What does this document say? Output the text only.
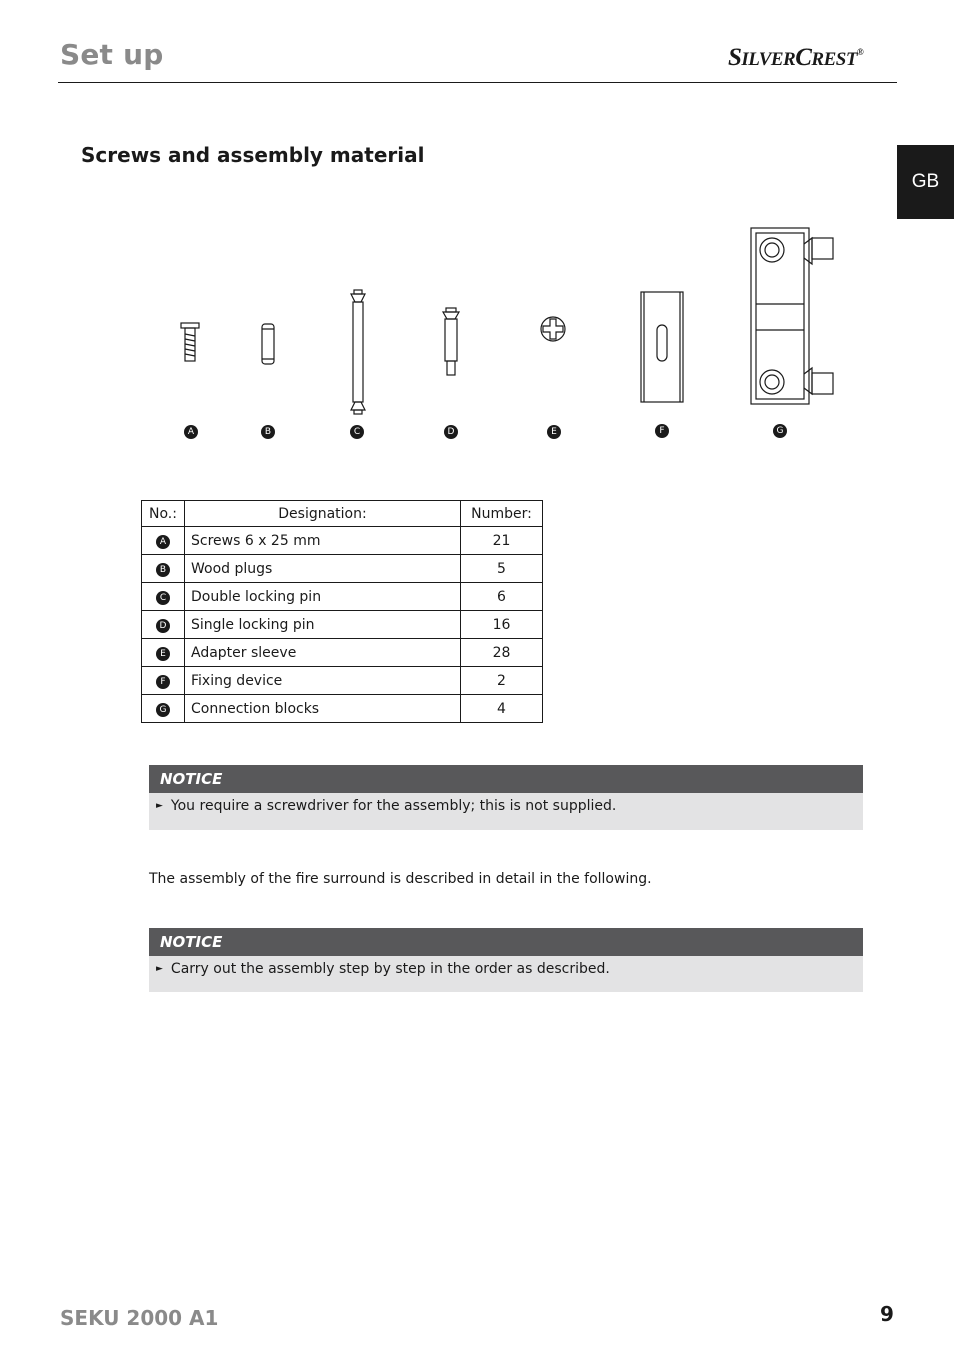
Set up	SILVERCREST®
GB
Screws and assembly material
A	B	C	D	E	F	G
No.:	Designation:	Number:
A	Screws 6 x 25 mm	21
B	Wood plugs	5
C	Double locking pin	6
D	Single locking pin	16
E	Adapter sleeve	28
F	Fixing device	2
G	Connection blocks	4
NOTICE
► You require a screwdriver for the assembly; this is not supplied.
The assembly of the fire surround is described in detail in the following.
NOTICE
► Carry out the assembly step by step in the order as described.
SEKU 2000 A1	9
